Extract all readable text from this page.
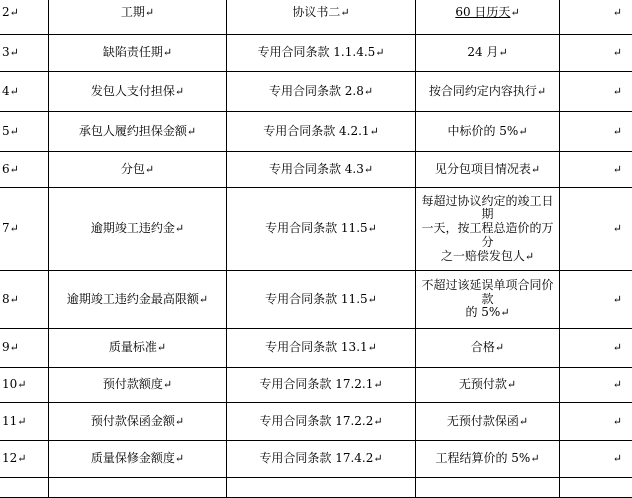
2↵	工期↵	协议书二↵	60 日历天↵	↵
3↵	缺陷责任期↵	专用合同条款 1.1.4.5↵	24 月↵	↵
4↵	发包人支付担保↵	专用合同条款 2.8↵	按合同约定内容执行↵	↵
5↵	承包人履约担保金额↵	专用合同条款 4.2.1↵	中标价的 5%↵	↵
6↵	分包↵	专用合同条款 4.3↵	见分包项目情况表↵	↵
7↵	逾期竣工违约金↵	专用合同条款 11.5↵	每超过协议约定的竣工日期
一天，按工程总造价的万分
之一赔偿发包人↵	↵
8↵	逾期竣工违约金最高限额↵	专用合同条款 11.5↵	不超过该延误单项合同价款
的 5%↵	↵
9↵	质量标准↵	专用合同条款 13.1↵	合格↵	↵
10↵	预付款额度↵	专用合同条款 17.2.1↵	无预付款↵	↵
11↵	预付款保函金额↵	专用合同条款 17.2.2↵	无预付款保函↵	↵
12↵	质量保修金额度↵	专用合同条款 17.4.2↵	工程结算价的 5%↵	↵
